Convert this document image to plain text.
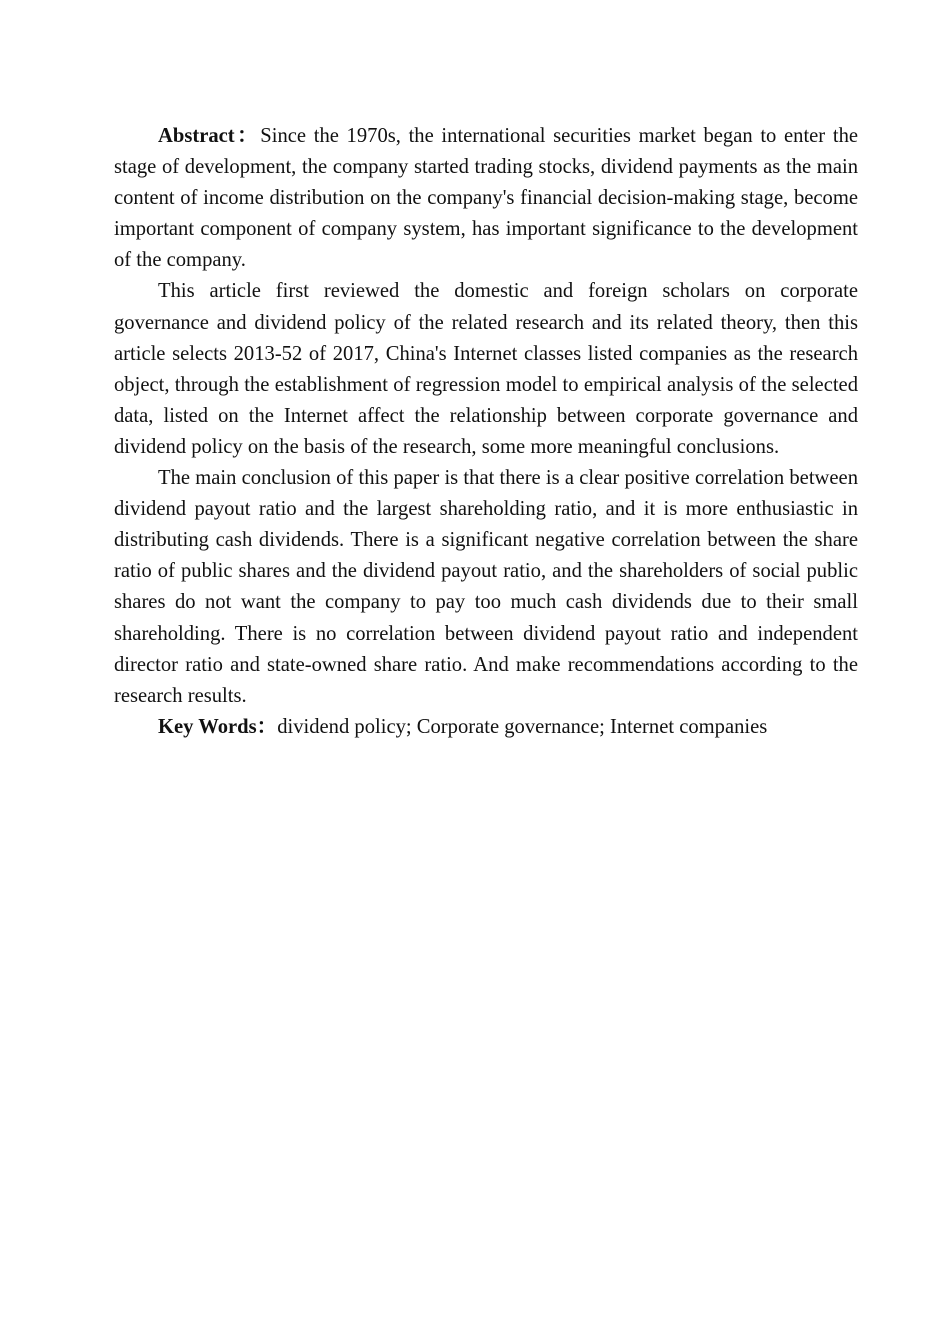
Abstract：Since the 1970s, the international securities market began to enter the stage of development, the company started trading stocks, dividend payments as the main content of income distribution on the company's financial decision-making stage, become important component of company system, has important significance to the development of the company.

This article first reviewed the domestic and foreign scholars on corporate governance and dividend policy of the related research and its related theory, then this article selects 2013-52 of 2017, China's Internet classes listed companies as the research object, through the establishment of regression model to empirical analysis of the selected data, listed on the Internet affect the relationship between corporate governance and dividend policy on the basis of the research, some more meaningful conclusions.

The main conclusion of this paper is that there is a clear positive correlation between dividend payout ratio and the largest shareholding ratio, and it is more enthusiastic in distributing cash dividends. There is a significant negative correlation between the share ratio of public shares and the dividend payout ratio, and the shareholders of social public shares do not want the company to pay too much cash dividends due to their small shareholding. There is no correlation between dividend payout ratio and independent director ratio and state-owned share ratio. And make recommendations according to the research results.

Key Words：dividend policy; Corporate governance; Internet companies
